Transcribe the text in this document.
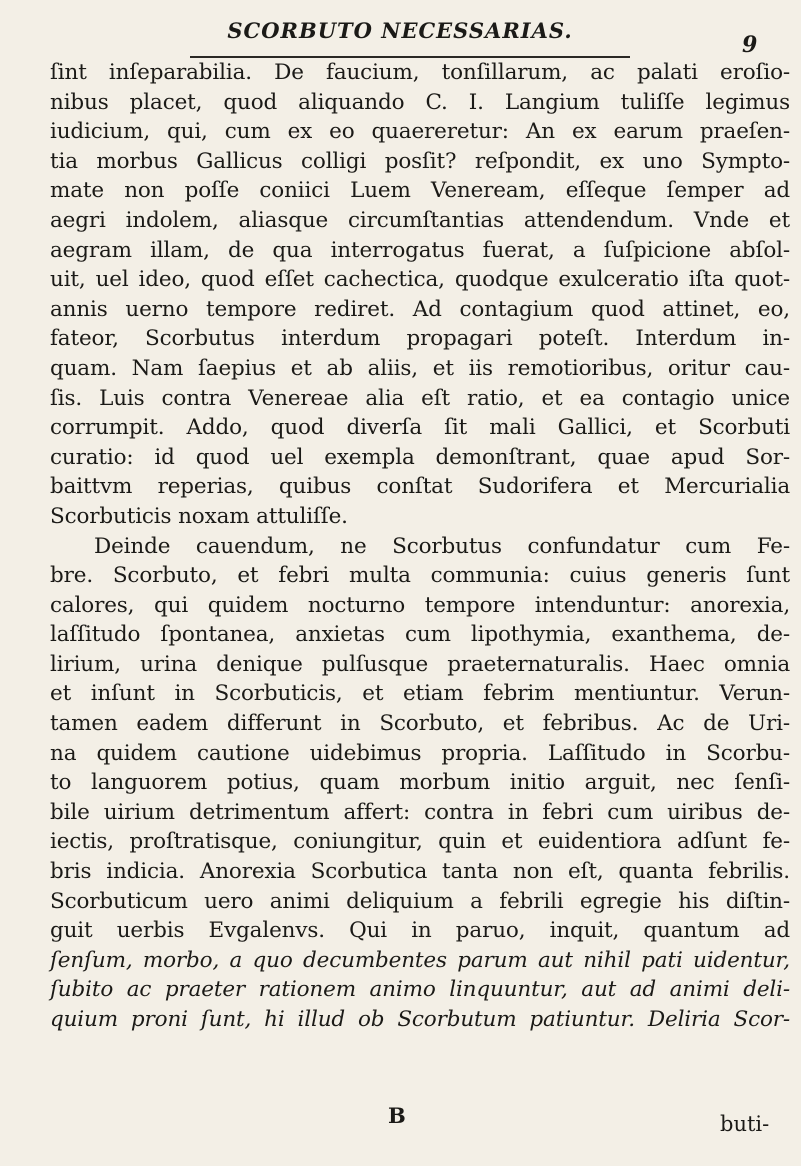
SCORBUTO NECESSARIAS.
9
ſint inſeparabilia. De faucium, tonſillarum, ac palati eroſio-
nibus placet, quod aliquando C. I. Langium tuliſſe legimus
iudicium, qui, cum ex eo quaereretur: An ex earum praeſen-
tia morbus Gallicus colligi posſit? reſpondit, ex uno Sympto-
mate non poſſe coniici Luem Veneream, eſſeque ſemper ad
aegri indolem, aliasque circumſtantias attendendum. Vnde et
aegram illam, de qua interrogatus fuerat, a ſuſpicione abſol-
uit, uel ideo, quod eſſet cachectica, quodque exulceratio iſta quot-
annis uerno tempore rediret. Ad contagium quod attinet, eo,
fateor, Scorbutus interdum propagari poteſt. Interdum in-
quam. Nam ſaepius et ab aliis, et iis remotioribus, oritur cau-
ſis. Luis contra Venereae alia eſt ratio, et ea contagio unice
corrumpit. Addo, quod diverſa ſit mali Gallici, et Scorbuti
curatio: id quod uel exempla demonſtrant, quae apud Sor-
baittvm reperias, quibus conſtat Sudorifera et Mercurialia
Scorbuticis noxam attuliſſe.
Deinde cauendum, ne Scorbutus confundatur cum Fe-
bre. Scorbuto, et febri multa communia: cuius generis ſunt
calores, qui quidem nocturno tempore intenduntur: anorexia,
laſſitudo ſpontanea, anxietas cum lipothymia, exanthema, de-
lirium, urina denique pulſusque praeternaturalis. Haec omnia
et inſunt in Scorbuticis, et etiam febrim mentiuntur. Verun-
tamen eadem differunt in Scorbuto, et febribus. Ac de Uri-
na quidem cautione uidebimus propria. Laſſitudo in Scorbu-
to languorem potius, quam morbum initio arguit, nec ſenſi-
bile uirium detrimentum affert: contra in febri cum uiribus de-
iectis, proſtratisque, coniungitur, quin et euidentiora adſunt fe-
bris indicia. Anorexia Scorbutica tanta non eſt, quanta febrilis.
Scorbuticum uero animi deliquium a febrili egregie his diſtin-
guit uerbis Evgalenvs. Qui in paruo, inquit, quantum ad
ſenſum, morbo, a quo decumbentes parum aut nihil pati uidentur,
ſubito ac praeter rationem animo linquuntur, aut ad animi deli-
quium proni ſunt, hi illud ob Scorbutum patiuntur. Deliria Scor-
B	buti-
